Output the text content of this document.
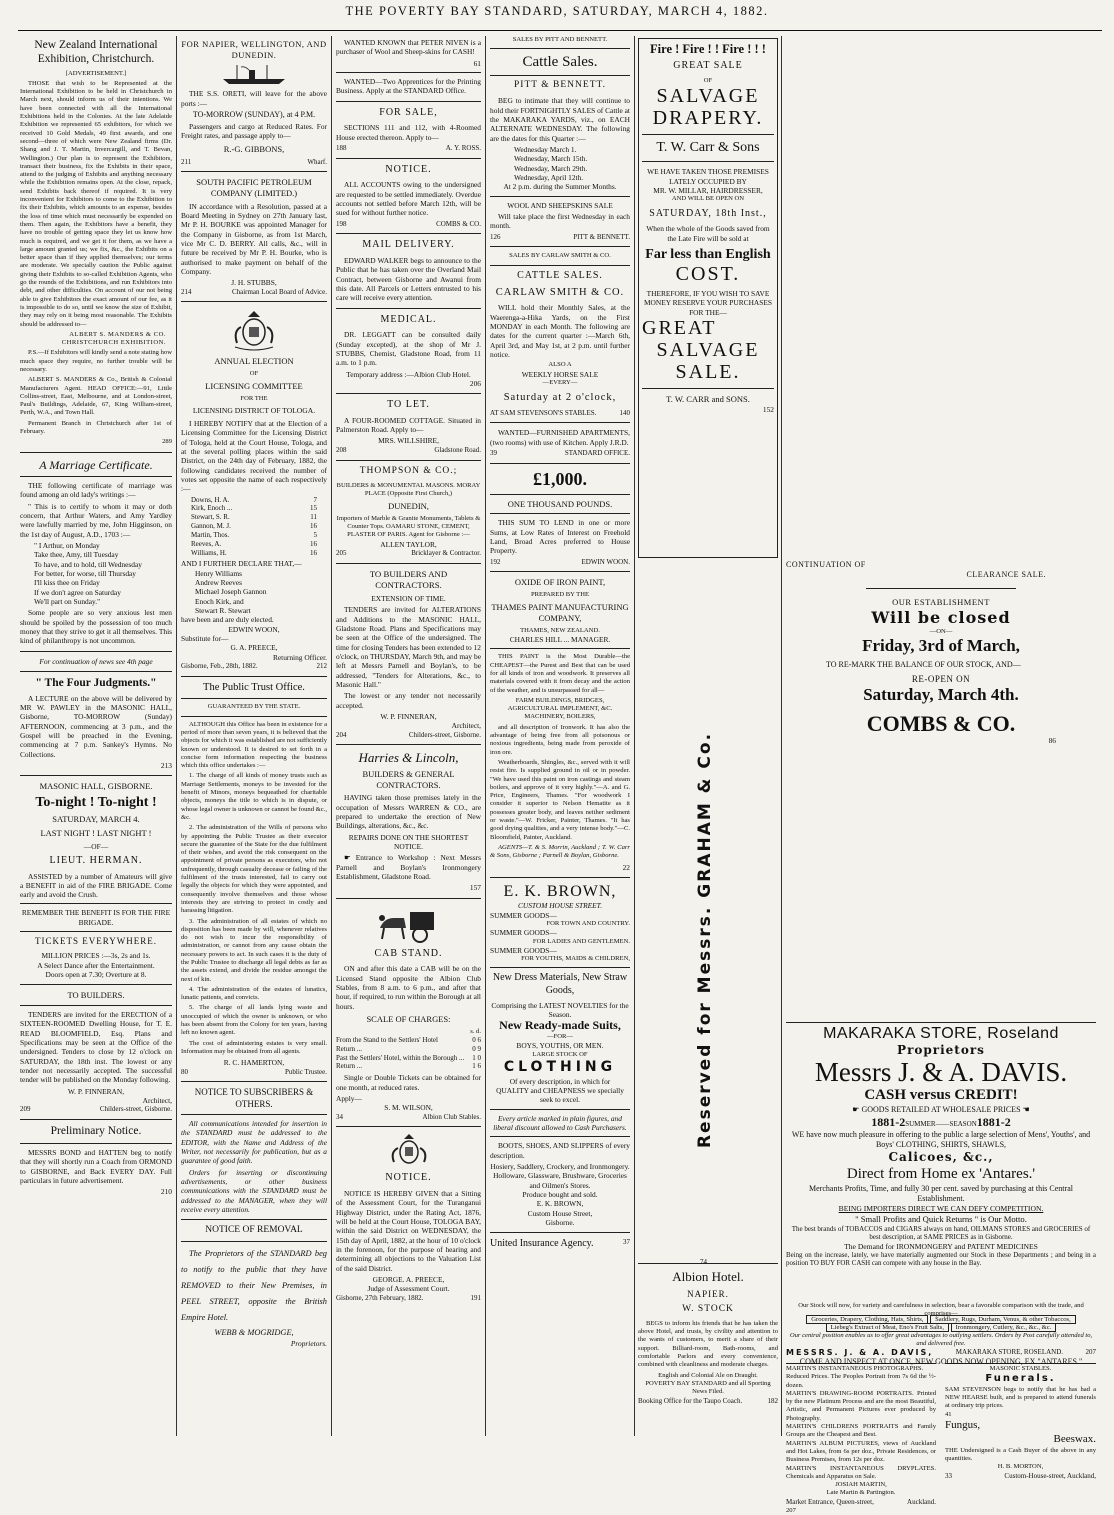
THE POVERTY BAY STANDARD, SATURDAY, MARCH 4, 1882.
New Zealand International Exhibition, Christchurch.
[ADVERTISEMENT.]
THOSE that wish to be Represented at the International Exhibition to be held in Christchurch in March next, should inform us of their intentions. We have been connected with all the International Exhibitions held in the Colonies. At the late Adelaide Exhibition we represented 65 exhibitors, for which we received 10 Gold Medals, 49 first awards, and one second—three of which were New Zealand firms (Dr. Shang and J. T. Martin, Invercargill, and T. Bevan, Wellington.) Our plan is to represent the Exhibitors, transact their business, fix the Exhibits in their space, attend to the judging of Exhibits and anything necessary while the Exhibition remains open. At the close, repack, send Exhibits back thereof if required. It is very inconvenient for Exhibitors to come to the Exhibition to fix their Exhibits, which amounts to an expense, besides the loss of time which must necessarily be expended on them. Then again, the Exhibitors have a benefit, they have no trouble of getting space they let us know how much is required, and we get it for them, as we have a large amount granted us; we fix, &c., the Exhibits on a better space than if they applied themselves; our terms are moderate. We specially caution the Public against giving their Exhibits to so-called Exhibition Agents, who go the rounds of the Exhibitions, and run Exhibitors into debt, and other difficulties. On account of our not being able to give Exhibitors the exact amount of our fee, as it is impossible to do so, until we know the size of Exhibit, they may rely on it being most reasonable. The Exhibits should be addressed to—
ALBERT S. MANDERS & CO. CHRISTCHURCH EXHIBITION.
P.S.—If Exhibitors will kindly send a note stating how much space they require, no further trouble will be necessary.
ALBERT S. MANDERS & Co., British & Colonial Manufacturers Agent. HEAD OFFICE:—91, Little Collins-street, East, Melbourne, and at London-street, Paul's Buildings, Adelaide, 67, King William-street, Perth, W.A., and Town Hall.
Permanent Branch in Christchurch after 1st of February.
289
A Marriage Certificate.
THE following certificate of marriage was found among an old lady's writings :—
" This is to certify to whom it may or doth concern, that Arthur Waters, and Amy Yardley were lawfully married by me, John Higginson, on the 1st day of August, A.D., 1703 :—
" I Arthur, on Monday
Take thee, Amy, till Tuesday
To have, and to hold, till Wednesday
For better, for worse, till Thursday
I'll kiss thee on Friday
If we don't agree on Saturday
We'll part on Sunday."
Some people are so very anxious lest men should be spoiled by the possession of too much money that they strive to get it all themselves. This kind of philanthropy is not uncommon.
For continuation of news see 4th page
" The Four Judgments."
A LECTURE on the above will be delivered by MR W. PAWLEY in the MASONIC HALL, Gisborne, TO-MORROW (Sunday) AFTERNOON, commencing at 3 p.m., and the Gospel will be preached in the Evening, commencing at 7 p.m. Sankey's Hymns. No Collections.
213
MASONIC HALL, GISBORNE.
To-night ! To-night !
SATURDAY, MARCH 4.
LAST NIGHT ! LAST NIGHT !
—OF—
LIEUT. HERMAN.
ASSISTED by a number of Amateurs will give a BENEFIT in aid of the FIRE BRIGADE. Come early and avoid the Crush.
REMEMBER THE BENEFIT IS FOR THE FIRE BRIGADE.
TICKETS EVERYWHERE.
MILLION PRICES :—3s, 2s and 1s.
A Select Dance after the Entertainment.
Doors open at 7.30; Overture at 8.
TO BUILDERS.
TENDERS are invited for the ERECTION of a SIXTEEN-ROOMED Dwelling House, for T. E. READ BLOOMFIELD, Esq. Plans and Specifications may be seen at the Office of the undersigned. Tenders to close by 12 o'clock on SATURDAY, the 18th inst. The lowest or any tender not necessarily accepted. The successful tender will be published on the Monday following.
W. P. FINNERAN,
Architect,
209	Childers-street, Gisborne.
Preliminary Notice.
MESSRS BOND and HATTEN beg to notify that they will shortly run a Coach from ORMOND to GISBORNE, and Back EVERY DAY. Full particulars in future advertisement.
210
FOR NAPIER, WELLINGTON, AND DUNEDIN.
THE S.S. ORETI, will leave for the above ports :—
TO-MORROW (SUNDAY), at 4 P.M.
Passengers and cargo at Reduced Rates. For Freight rates, and passage apply to—
R.-G. GIBBONS,
211	Wharf.
SOUTH PACIFIC PETROLEUM COMPANY (LIMITED.)
IN accordance with a Resolution, passed at a Board Meeting in Sydney on 27th January last, Mr P. H. BOURKE was appointed Manager for the Company in Gisborne, as from 1st March, vice Mr C. D. BERRY. All calls, &c., will in future be received by Mr P. H. Bourke, who is authorised to make payment on behalf of the Company.
J. H. STUBBS,
214	Chairman Local Board of Advice.
ANNUAL ELECTION
OF
LICENSING COMMITTEE
FOR THE
LICENSING DISTRICT OF TOLOGA.
I HEREBY NOTIFY that at the Election of a Licensing Committee for the Licensing District of Tologa, held at the Court House, Tologa, and at the several polling places within the said District, on the 24th day of February, 1882, the following candidates received the number of votes set opposite the name of each respectively :—
Downs, H. A.	7
Kirk, Enoch ...	15
Stewart, S. R.	11
Gannon, M. J.	16
Martin, Thos.	5
Reeves, A.	16
Williams, H.	16
AND I FURTHER DECLARE THAT,—
Henry Williams
Andrew Reeves
Michael Joseph Gannon
Enoch Kirk, and
Stewart R. Stewart
have been and are duly elected.
EDWIN WOON,
Substitute for—
G. A. PREECE,
Returning Officer.
Gisborne, Feb., 28th, 1882.	212
The Public Trust Office.
GUARANTEED BY THE STATE.
ALTHOUGH this Office has been in existence for a period of more than seven years, it is believed that the objects for which it was established are not sufficiently known or understood. It is desired to set forth in a concise form information respecting the business which this office undertakes :—
1. The charge of all kinds of money trusts such as Marriage Settlements, moneys to be invested for the benefit of Minors, moneys bequeathed for charitable objects, moneys the title to which is in dispute, or whose legal owner is unknown or cannot be found &c., &c.
2. The administration of the Wills of persons who by appointing the Public Trustee as their executor secure the guarantee of the State for the due fulfilment of their wishes, and avoid the risk consequent on the appointment of private persons as executors, who not unfrequently, through casualty decease or failing of the fulfilment of the trusts interested, fail to carry out legally the objects for which they were appointed, and consequently involve themselves and those whose interests they are striving to protect in costly and harassing litigation.
3. The administration of all estates of which no disposition has been made by will, whenever relatives do not wish to incur the responsibility of administration, or cannot from any cause obtain the necessary powers to act. In such cases it is the duty of the Public Trustee to discharge all legal debts as far as the assets extend, and divide the residue amongst the next of kin.
4. The administration of the estates of lunatics, lunatic patients, and convicts.
5. The charge of all lands lying waste and unoccupied of which the owner is unknown, or who has been absent from the Colony for ten years, having left no known agent.
The cost of administering estates is very small. Information may be obtained from all agents.
R. C. HAMERTON,
80	Public Trustee.
NOTICE TO SUBSCRIBERS & OTHERS.
All communications intended for insertion in the STANDARD must be addressed to the EDITOR, with the Name and Address of the Writer, not necessarily for publication, but as a guarantee of good faith.
Orders for inserting or discontinuing advertisements, or other business communications with the STANDARD must be addressed to the MANAGER, when they will receive every attention.
NOTICE OF REMOVAL
The Proprietors of the STANDARD beg to notify to the public that they have REMOVED to their New Premises, in PEEL STREET, opposite the British Empire Hotel.
WEBB & MOGRIDGE,
Proprietors.
WANTED KNOWN that PETER NIVEN is a purchaser of Wool and Sheep-skins for CASH!
61
WANTED—Two Apprentices for the Printing Business. Apply at the STANDARD Office.
FOR SALE,
SECTIONS 111 and 112, with 4-Roomed House erected thereon. Apply to—
188	A. Y. ROSS.
NOTICE.
ALL ACCOUNTS owing to the undersigned are requested to be settled immediately. Overdue accounts not settled before March 12th, will be sued for without further notice.
198	COMBS & CO.
MAIL DELIVERY.
EDWARD WALKER begs to announce to the Public that he has taken over the Overland Mail Contract, between Gisborne and Awanui from this date. All Parcels or Letters entrusted to his care will receive every attention.
MEDICAL.
DR. LEGGATT can be consulted daily (Sunday excepted), at the shop of Mr J. STUBBS, Chemist, Gladstone Road, from 11 a.m. to 1 p.m.
Temporary address :—Albion Club Hotel.
206
TO LET.
A FOUR-ROOMED COTTAGE. Situated in Palmerston Road. Apply to—
MRS. WILLSHIRE,
208	Gladstone Road.
THOMPSON & CO.;
BUILDERS & MONUMENTAL MASONS. MORAY PLACE (Opposite First Church,)
DUNEDIN,
Importers of Marble & Granite Monuments, Tablets & Counter Tops. OAMARU STONE, CEMENT, PLASTER OF PARIS. Agent for Gisborne :—
ALLEN TAYLOR,
205	Bricklayer & Contractor.
TO BUILDERS AND CONTRACTORS.
EXTENSION OF TIME.
TENDERS are invited for ALTERATIONS and Additions to the MASONIC HALL, Gladstone Road. Plans and Specifications may be seen at the Office of the undersigned. The time for closing Tenders has been extended to 12 o'clock, on THURSDAY, March 9th, and may be left at Messrs Parnell and Boylan's, to be addressed, "Tenders for Alterations, &c., to Masonic Hall."
The lowest or any tender not necessarily accepted.
W. P. FINNERAN,
Architect,
204	Childers-street, Gisborne.
Harries & Lincoln,
BUILDERS & GENERAL CONTRACTORS.
HAVING taken those premises lately in the occupation of Messrs WARREN & CO., are prepared to undertake the erection of New Buildings, alterations, &c., &c.
REPAIRS DONE ON THE SHORTEST NOTICE.
☛ Entrance to Workshop : Next Messrs Parnell and Boylan's Ironmongery Establishment, Gladstone Road.
157
CAB STAND.
ON and after this date a CAB will be on the Licensed Stand opposite the Albion Club Stables, from 8 a.m. to 6 p.m., and after that hour, if required, to run within the Borough at all hours.
SCALE OF CHARGES:
s. d.
From the Stand to the Settlers' Hotel	0 6
Return ...	0 9
Past the Settlers' Hotel, within the Borough ... 1 0
Return ...	1 6
Single or Double Tickets can be obtained for one month, at reduced rates.
Apply—
S. M. WILSON,
34	Albion Club Stables.
NOTICE.
NOTICE IS HEREBY GIVEN that a Sitting of the Assessment Court, for the Turanganui Highway District, under the Rating Act, 1876, will be held at the Court House, TOLOGA BAY, within the said District on WEDNESDAY, the 15th day of April, 1882, at the hour of 10 o'clock in the forenoon, for the purpose of hearing and determining all objections to the Valuation List of the said District.
GEORGE. A. PREECE,
Judge of Assessment Court.
Gisborne, 27th February, 1882.	191
SALES BY PITT AND BENNETT.
Cattle Sales.
PITT & BENNETT.
BEG to intimate that they will continue to hold their FORTNIGHTLY SALES of Cattle at the MAKARAKA YARDS, viz., on EACH ALTERNATE WEDNESDAY. The following are the dates for this Quarter :—
Wednesday March 1.
Wednesday, March 15th.
Wednesday, March 29th.
Wednesday, April 12th.
At 2 p.m. during the Summer Months.
WOOL AND SHEEPSKINS SALE
Will take place the first Wednesday in each month.
126	PITT & BENNETT.
SALES BY CARLAW SMITH & CO.
CATTLE SALES.
CARLAW SMITH & CO.
WILL hold their Monthly Sales, at the Waerenga-a-Hika Yards, on the First MONDAY in each Month. The following are dates for the current quarter :—March 6th, April 3rd, and May 1st, at 2 p.m. until further notice.
ALSO A
WEEKLY HORSE SALE
—EVERY—
Saturday at 2 o'clock,
AT SAM STEVENSON'S STABLES.	140
WANTED—FURNISHED APARTMENTS, (two rooms) with use of Kitchen. Apply J.R.D.
39	STANDARD OFFICE.
£1,000.
ONE THOUSAND POUNDS.
THIS SUM TO LEND in one or more Sums, at Low Rates of Interest on Freehold Land, Broad Acres preferred to House Property.
192	EDWIN WOON.
OXIDE OF IRON PAINT,
PREPARED BY THE
THAMES PAINT MANUFACTURING COMPANY,
THAMES, NEW ZEALAND.
CHARLES HILL ... MANAGER.
THIS PAINT is the Most Durable—the CHEAPEST—the Purest and Best that can be used for all kinds of iron and woodwork. It preserves all materials covered with it from decay and the action of the weather, and is unsurpassed for all—
FARM BUILDINGS, BRIDGES, AGRICULTURAL IMPLEMENT, &C. MACHINERY, BOILERS,
and all description of Ironwork. It has also the advantage of being free from all poisonous or noxious ingredients, being made from peroxide of iron ore.
Weatherboards, Shingles, &c., served with it will resist fire. Is supplied ground in oil or in powder. "We have used this paint on iron castings and steam boilers, and approve of it very highly."—A. and G. Price, Engineers, Thames. "For woodwork I consider it superior to Nelson Hematite as it possesses greater body, and leaves neither sediment or waste."—W. Fricker, Painter, Thames. "It has good drying qualities, and a very intense body."—C. Bloomfield, Painter, Auckland.
AGENTS—T. & S. Morrin, Auckland ; T. W. Carr & Sons, Gisborne ; Parnell & Boylan, Gisborne.
22
E. K. BROWN,
CUSTOM HOUSE STREET.
SUMMER GOODS—
FOR TOWN AND COUNTRY.
SUMMER GOODS—
FOR LADIES AND GENTLEMEN.
SUMMER GOODS—
FOR YOUTHS, MAIDS & CHILDREN,
New Dress Materials, New Straw Goods,
Comprising the LATEST NOVELTIES for the Season.
New Ready-made Suits,
—FOR—
BOYS, YOUTHS, OR MEN.
LARGE STOCK OF
CLOTHING
Of every description, in which for
QUALITY and CHEAPNESS we specially seek to excel.
Every article marked in plain figures, and liberal discount allowed to Cash Purchasers.
BOOTS, SHOES, AND SLIPPERS of every description.
Hosiery, Saddlery, Crockery, and Ironmongery.
Holloware, Glassware, Brushware, Groceries and Oilmen's Stores.
Produce bought and sold.
E. K. BROWN,
Custom House Street,
Gisborne.
United Insurance Agency.	37
Fire ! Fire ! ! Fire ! ! !
GREAT SALE
OF
SALVAGE
DRAPERY.
T. W. Carr & Sons
WE HAVE TAKEN THOSE PREMISES
LATELY OCCUPIED BY
MR. W. MILLAR, HAIRDRESSER,
AND WILL BE OPEN ON
SATURDAY, 18th Inst.,
When the whole of the Goods saved from the Late Fire will be sold at
Far less than English
COST.
THEREFORE, IF YOU WISH TO SAVE MONEY RESERVE YOUR PURCHASES FOR THE—
GREAT
SALVAGE
SALE.
T. W. CARR and SONS.
152
Reserved for Messrs. GRAHAM & Co.
74
Albion Hotel.
NAPIER.
W. STOCK
BEGS to inform his friends that he has taken the above Hotel, and trusts, by civility and attention to the wants of customers, to merit a share of their support. Billiard-room, Bath-rooms, and comfortable Parlors and every convenience, combined with cleanliness and moderate charges.
English and Colonial Ale on Draught.
POVERTY BAY STANDARD and all Sporting News Filed.
Booking Office for the Taupo Coach.	182
CONTINUATION OF
CLEARANCE SALE.
OUR ESTABLISHMENT
Will be closed
—ON—
Friday, 3rd of March,
TO RE-MARK THE BALANCE OF OUR STOCK, AND—
RE-OPEN ON
Saturday, March 4th.
COMBS & CO.
86
MAKARAKA STORE, Roseland
Proprietors
Messrs J. & A. DAVIS.
CASH versus CREDIT!
☛ GOODS RETAILED AT WHOLESALE PRICES ☚
1881-2SUMMER——SEASON1881-2
WE have now much pleasure in offering to the public a large selection of Mens', Youths', and Boys' CLOTHING, SHIRTS, SHAWLS,
Calicoes, &c.,
Direct from Home ex 'Antares.'
Merchants Profits, Time, and fully 30 per cent. saved by purchasing at this Central Establishment.
BEING IMPORTERS DIRECT WE CAN DEFY COMPETITION.
" Small Profits and Quick Returns " is Our Motto.
The best brands of TOBACCOS and CIGARS always on hand, OILMANS STORES and GROCERIES of best description, at SAME PRICES as in Gisborne.
The Demand for IRONMONGERY and PATENT MEDICINES
Being on the increase, lately, we have materially augmented our Stock in these Departments ; and being in a position TO BUY FOR CASH can compete with any house in the Bay.
Our Stock will now, for variety and carefulness in selection, bear a favorable comparison with the trade, and comprises—
MARTIN'S INSTANTANEOUS PHOTOGRAPHS.
Reduced Prices. The Peoples Portrait from 7s 6d the ½-dozen.
MARTIN'S DRAWING-ROOM PORTRAITS. Printed by the new Platinum Process and are the most Beautiful, Artistic, and Permanent Pictures ever produced by Photography.
MARTIN'S CHILDRENS PORTRAITS and Family Groups are the Cheapest and Best.
MARTIN'S ALBUM PICTURES, views of Auckland and Hot Lakes, from 6s per doz., Private Residences, or Business Premises, from 12s per doz.
MARTIN'S INSTANTANEOUS DRYPLATES. Chemicals and Apparatus on Sale.
JOSIAH MARTIN,
Late Martin & Partington.
Market Entrance, Queen-street,	Auckland.
207
MASONIC STABLES.
Funerals.
SAM STEVENSON begs to notify that he has had a NEW HEARSE built, and is prepared to attend funerals at ordinary trip prices.
41
Fungus,
Beeswax.
THE Undersigned is a Cash Buyer of the above in any quantities.
H. B. MORTON,
33	Custom-House-street, Auckland,
Groceries, Drapery, Clothing, Hats, Shirts, Saddlery, Rugs, Durham, Venus, & other Tobaccos,
Liebeg's Extract of Meat, Eno's Fruit Salts, Ironmongery, Cutlery, &c., &c., &c.
Our central position enables us to offer great advantages to outlying settlers. Orders by Post carefully attended to, and delivered free.
MESSRS. J. & A. DAVIS,	MAKARAKA STORE, ROSELAND.	207
COME AND INSPECT AT ONCE, NEW GOODS NOW OPENING, EX "ANTARES."
